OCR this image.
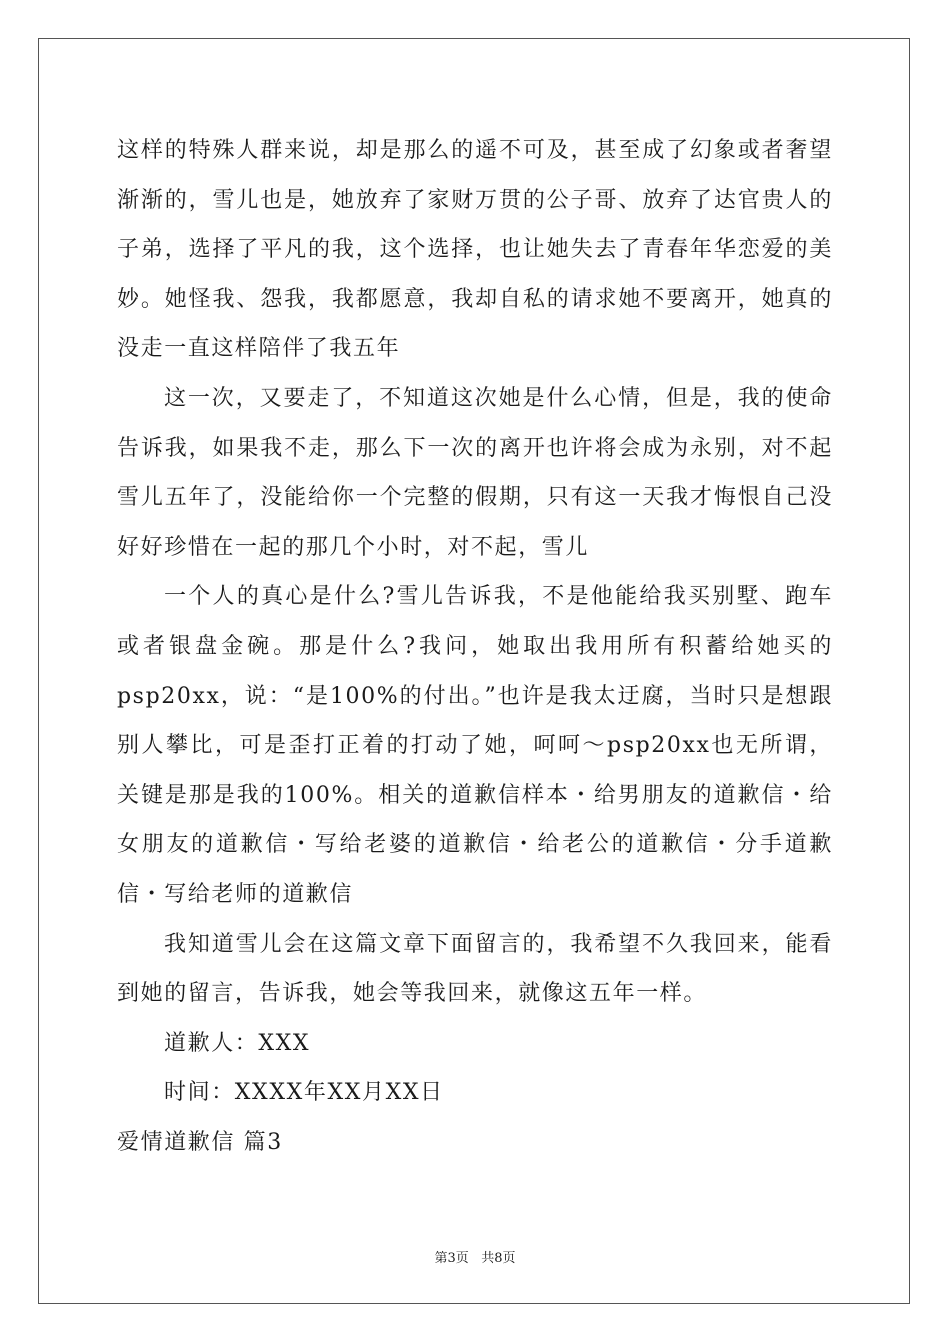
这样的特殊人群来说，却是那么的遥不可及，甚至成了幻象或者奢望渐渐的，雪儿也是，她放弃了家财万贯的公子哥、放弃了达官贵人的子弟，选择了平凡的我，这个选择，也让她失去了青春年华恋爱的美妙。她怪我、怨我，我都愿意，我却自私的请求她不要离开，她真的没走一直这样陪伴了我五年

这一次，又要走了，不知道这次她是什么心情，但是，我的使命告诉我，如果我不走，那么下一次的离开也许将会成为永别，对不起雪儿五年了，没能给你一个完整的假期，只有这一天我才悔恨自己没好好珍惜在一起的那几个小时，对不起，雪儿

一个人的真心是什么?雪儿告诉我，不是他能给我买别墅、跑车或者银盘金碗。那是什么?我问，她取出我用所有积蓄给她买的psp20xx，说：“是100%的付出。”也许是我太迂腐，当时只是想跟别人攀比，可是歪打正着的打动了她，呵呵～psp20xx也无所谓，关键是那是我的100%。相关的道歉信样本・给男朋友的道歉信・给女朋友的道歉信・写给老婆的道歉信・给老公的道歉信・分手道歉信・写给老师的道歉信

我知道雪儿会在这篇文章下面留言的，我希望不久我回来，能看到她的留言，告诉我，她会等我回来，就像这五年一样。

道歉人：XXX

时间：XXXX年XX月XX日

爱情道歉信 篇3

第3页 共8页
